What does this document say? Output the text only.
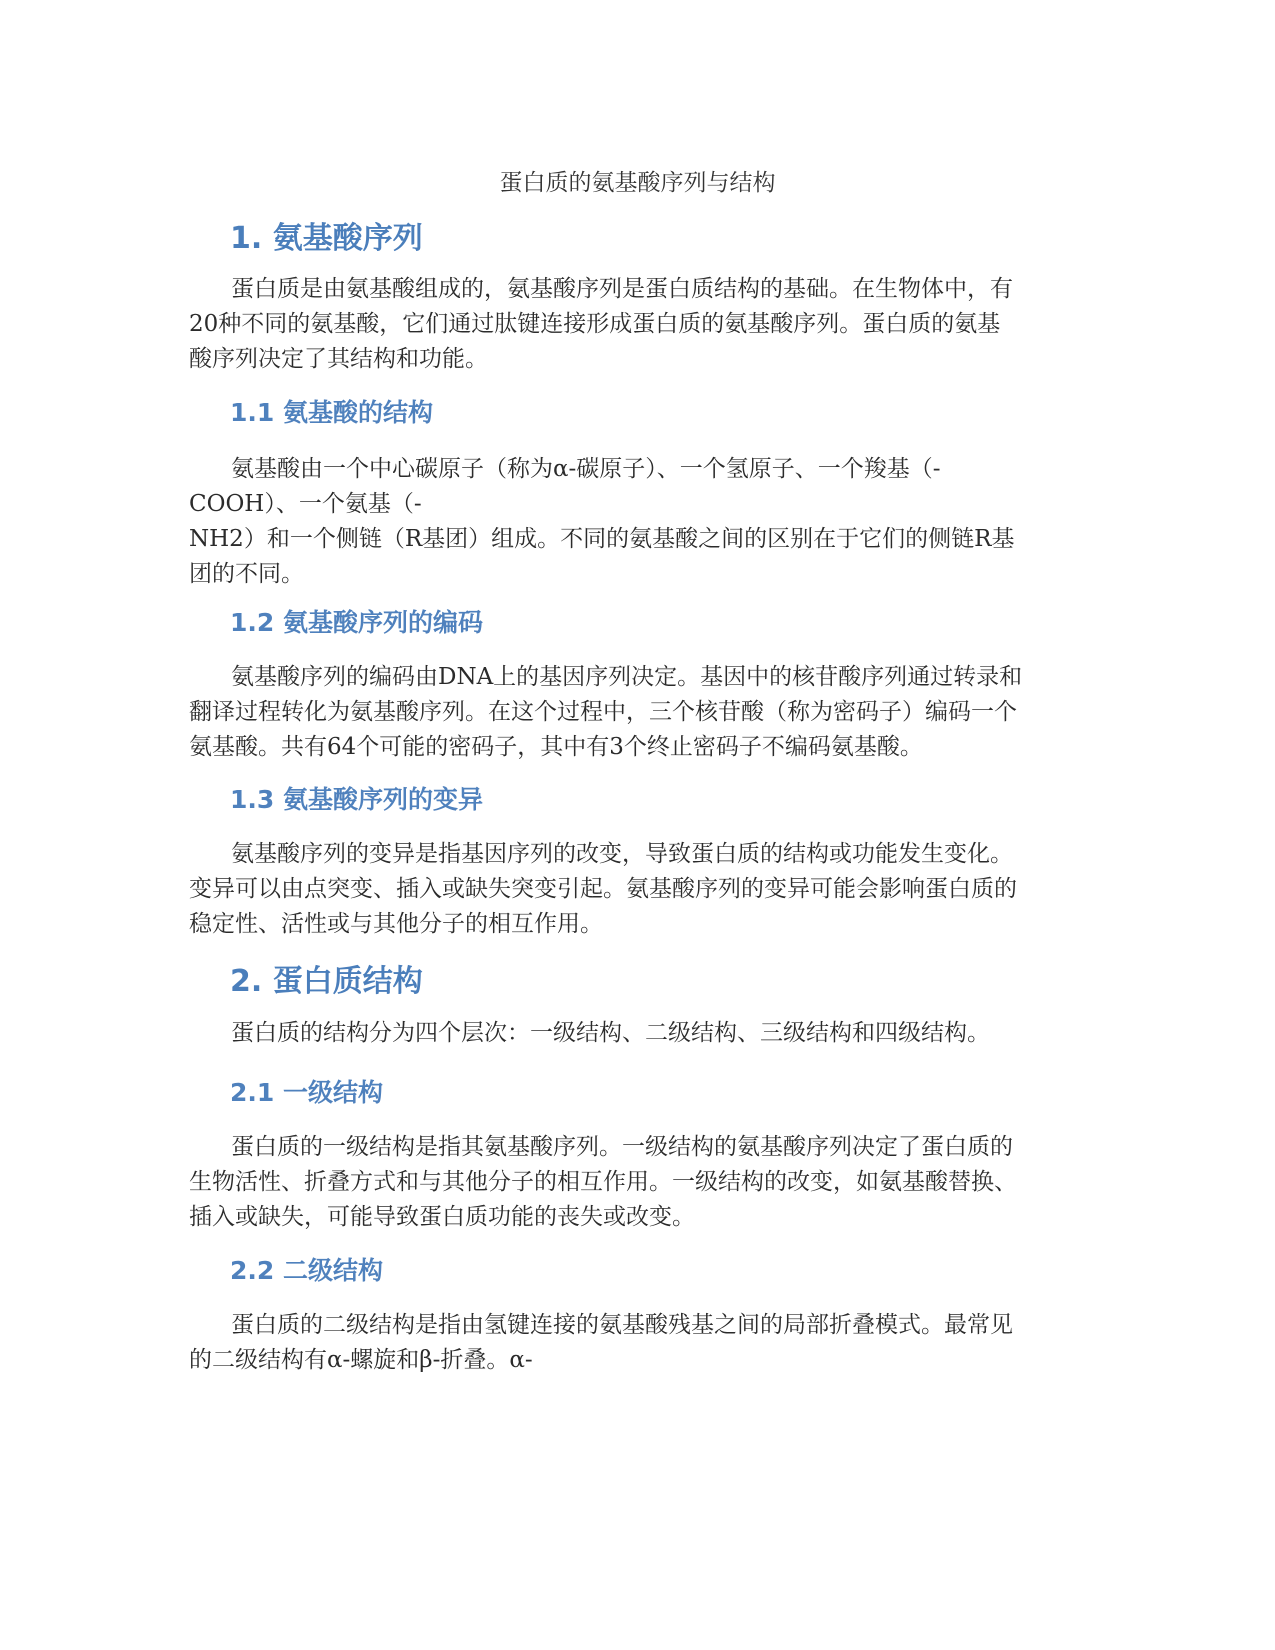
蛋白质的氨基酸序列与结构
1. 氨基酸序列
蛋白质是由氨基酸组成的，氨基酸序列是蛋白质结构的基础。在生物体中，有
20种不同的氨基酸，它们通过肽键连接形成蛋白质的氨基酸序列。蛋白质的氨基
酸序列决定了其结构和功能。
1.1 氨基酸的结构
氨基酸由一个中心碳原子（称为α-碳原子）、一个氢原子、一个羧基（-
COOH）、一个氨基（-
NH2）和一个侧链（R基团）组成。不同的氨基酸之间的区别在于它们的侧链R基
团的不同。
1.2 氨基酸序列的编码
氨基酸序列的编码由DNA上的基因序列决定。基因中的核苷酸序列通过转录和
翻译过程转化为氨基酸序列。在这个过程中，三个核苷酸（称为密码子）编码一个
氨基酸。共有64个可能的密码子，其中有3个终止密码子不编码氨基酸。
1.3 氨基酸序列的变异
氨基酸序列的变异是指基因序列的改变，导致蛋白质的结构或功能发生变化。
变异可以由点突变、插入或缺失突变引起。氨基酸序列的变异可能会影响蛋白质的
稳定性、活性或与其他分子的相互作用。
2. 蛋白质结构
蛋白质的结构分为四个层次：一级结构、二级结构、三级结构和四级结构。
2.1 一级结构
蛋白质的一级结构是指其氨基酸序列。一级结构的氨基酸序列决定了蛋白质的
生物活性、折叠方式和与其他分子的相互作用。一级结构的改变，如氨基酸替换、
插入或缺失，可能导致蛋白质功能的丧失或改变。
2.2 二级结构
蛋白质的二级结构是指由氢键连接的氨基酸残基之间的局部折叠模式。最常见
的二级结构有α-螺旋和β-折叠。α-
